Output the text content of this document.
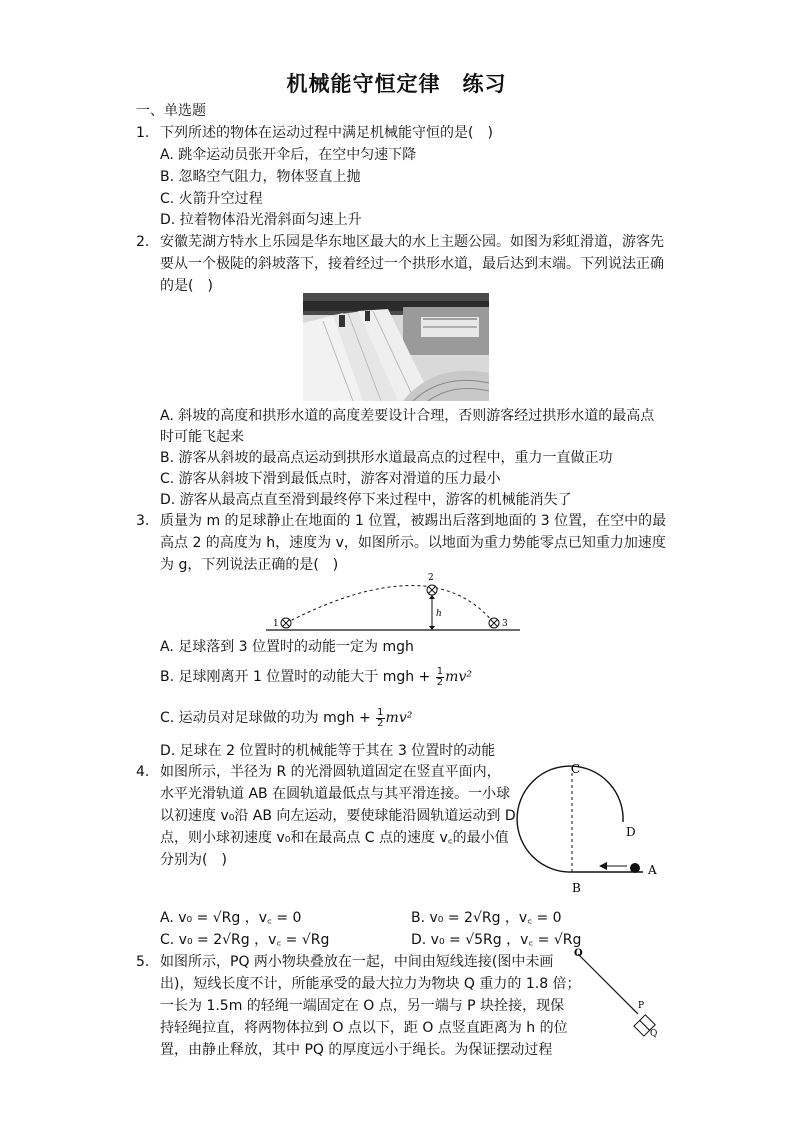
机械能守恒定律　练习
一、单选题
1. 下列所述的物体在运动过程中满足机械能守恒的是(　)
A. 跳伞运动员张开伞后，在空中匀速下降
B. 忽略空气阻力，物体竖直上抛
C. 火箭升空过程
D. 拉着物体沿光滑斜面匀速上升
2. 安徽芜湖方特水上乐园是华东地区最大的水上主题公园。如图为彩虹滑道，游客先
要从一个极陡的斜坡落下，接着经过一个拱形水道，最后达到末端。下列说法正确
的是(　)
A. 斜坡的高度和拱形水道的高度差要设计合理，否则游客经过拱形水道的最高点
时可能飞起来
B. 游客从斜坡的最高点运动到拱形水道最高点的过程中，重力一直做正功
C. 游客从斜坡下滑到最低点时，游客对滑道的压力最小
D. 游客从最高点直至滑到最终停下来过程中，游客的机械能消失了
3. 质量为 m 的足球静止在地面的 1 位置，被踢出后落到地面的 3 位置，在空中的最
高点 2 的高度为 h，速度为 v，如图所示。以地面为重力势能零点已知重力加速度
为 g，下列说法正确的是(　)
1
2
3
h
A. 足球落到 3 位置时的动能一定为 mgh
B. 足球刚离开 1 位置时的动能大于 mgh + $\frac{1}{2} mv^2$
C. 运动员对足球做的功为 mgh + $\frac{1}{2} mv^2$
D. 足球在 2 位置时的机械能等于其在 3 位置时的动能
4. 如图所示，半径为 R 的光滑圆轨道固定在竖直平面内，
水平光滑轨道 AB 在圆轨道最低点与其平滑连接。一小球
以初速度 v₀沿 AB 向左运动，要使球能沿圆轨道运动到 D
点，则小球初速度 v₀和在最高点 C 点的速度 v꜀的最小值
分别为(　)
C
D
A
B
A. v₀ = √Rg ，v꜀ = 0	B. v₀ = 2√Rg ，v꜀ = 0
C. v₀ = 2√Rg ，v꜀ = √Rg	D. v₀ = √5Rg ，v꜀ = √Rg
5. 如图所示，PQ 两小物块叠放在一起，中间由短线连接(图中未画
出)，短线长度不计，所能承受的最大拉力为物块 Q 重力的 1.8 倍；
一长为 1.5m 的轻绳一端固定在 O 点，另一端与 P 块拴接，现保
持轻绳拉直，将两物体拉到 O 点以下，距 O 点竖直距离为 h 的位
置，由静止释放，其中 PQ 的厚度远小于绳长。为保证摆动过程
O
P
Q
